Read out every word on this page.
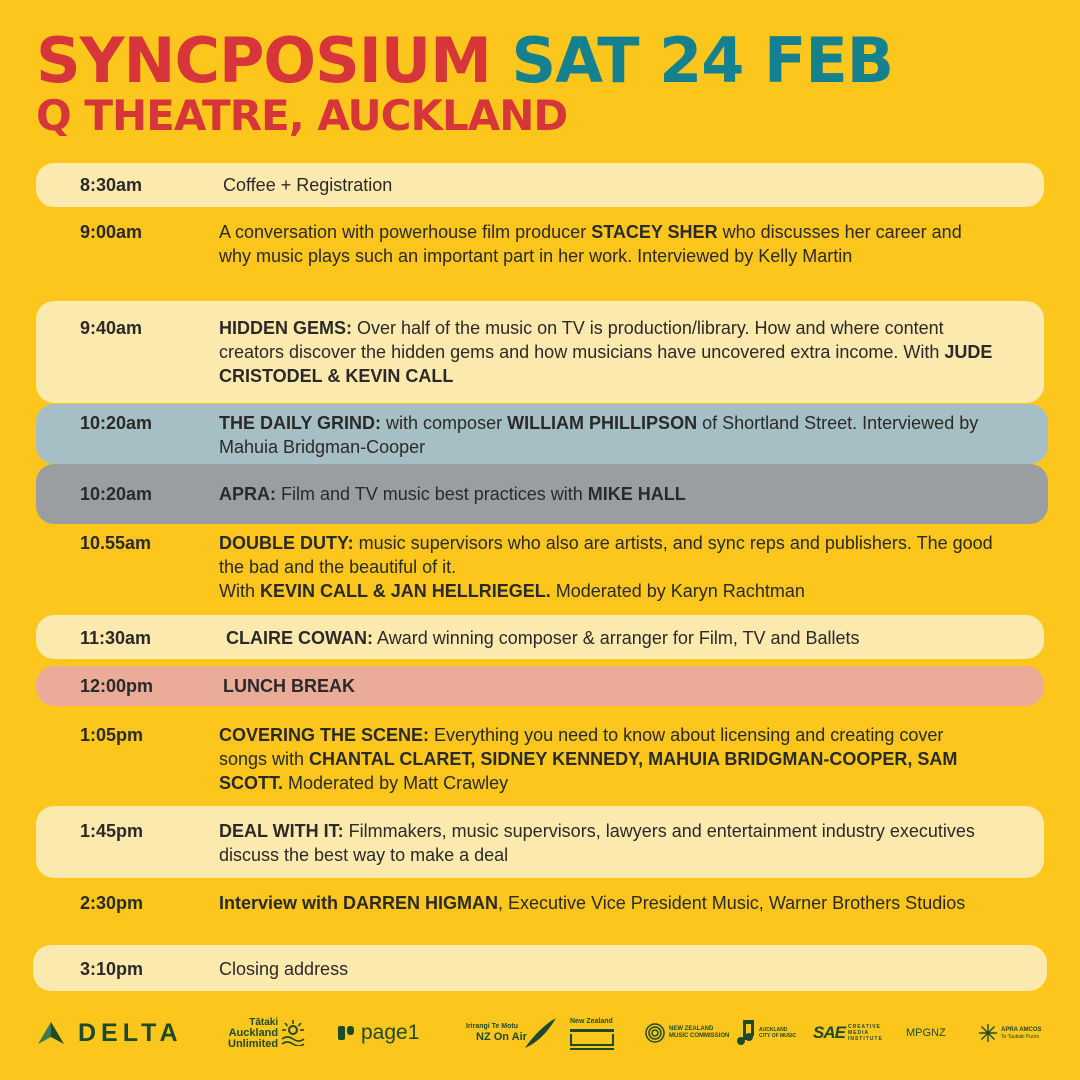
SYNCPOSIUM SAT 24 FEB
Q THEATRE, AUCKLAND
8:30am	Coffee + Registration
9:00am	A conversation with powerhouse film producer STACEY SHER who discusses her career and why music plays such an important part in her work. Interviewed by Kelly Martin
9:40am	HIDDEN GEMS: Over half of the music on TV is production/library. How and where content creators discover the hidden gems and how musicians have uncovered extra income. With JUDE CRISTODEL & KEVIN CALL
10:20am	THE DAILY GRIND: with composer WILLIAM PHILLIPSON of Shortland Street. Interviewed by Mahuia Bridgman-Cooper
10:20am	APRA: Film and TV music best practices with MIKE HALL
10.55am	DOUBLE DUTY: music supervisors who also are artists, and sync reps and publishers. The good the bad and the beautiful of it.
With KEVIN CALL & JAN HELLRIEGEL. Moderated by Karyn Rachtman
11:30am	CLAIRE COWAN: Award winning composer & arranger for Film, TV and Ballets
12:00pm	LUNCH BREAK
1:05pm	COVERING THE SCENE: Everything you need to know about licensing and creating cover songs with CHANTAL CLARET, SIDNEY KENNEDY, MAHUIA BRIDGMAN-COOPER, SAM SCOTT. Moderated by Matt Crawley
1:45pm	DEAL WITH IT: Filmmakers, music supervisors, lawyers and entertainment industry executives discuss the best way to make a deal
2:30pm	Interview with DARREN HIGMAN, Executive Vice President Music, Warner Brothers Studios
3:10pm	Closing address
DELTA	Tātaki
Auckland
Unlimited	page1	Irirangi Te Motu
NZ On Air
New Zealand
NEW ZEALAND
MUSIC COMMISSION
AUCKLAND
CITY OF MUSIC SAE CREATIVE
MEDIA
INSTITUTE MPGNZ	APRA AMCOS
Te Tautiaki Puoro
